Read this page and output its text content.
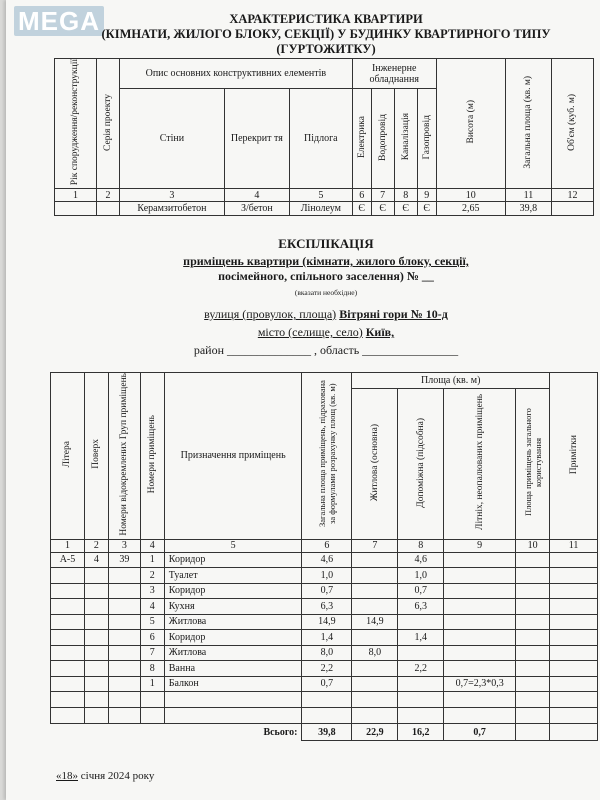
MEGA	ХАРАКТЕРИСТИКА КВАРТИРИ
(КІМНАТИ, ЖИЛОГО БЛОКУ, СЕКЦІЇ) У БУДИНКУ КВАРТИРНОГО ТИПУ
(ГУРТОЖИТКУ)
Рік спорудження/реконструкції	Серія проекту	Опис основних конструктивних елементів			Інженерне обладнання				Висота (м)	Загальна площа (кв. м)	Об'єм (куб. м)
		Стіни	Перекрит тя	Підлога	Електрика	Водопровід	Каналізація	Газопровід			
1	2	3	4	5	6	7	8	9	10	11	12
		Керамзитобетон	З/бетон	Лінолеум	Є	Є	Є	Є	2,65	39,8	
ЕКСПЛІКАЦІЯ
приміщень квартири (кімнати, жилого блоку, секції,
посімейного, спільного заселення) № __
(вказати необхідне)
вулиця (провулок, площа) Вітряні гори № 10-д
місто (селище, село) Київ,
район ______________ , область ________________
Літера	Поверх	Номери відокремлених Груп приміщень	Номери приміщень	Призначення приміщень	Загальна площа приміщень, підрахована за формулами розрахунку площ (кв. м)	Площа (кв. м)				Примітки
						Житлова (основна)	Допоміжна (підсобна)	Літніх, неопалюваних приміщень	Площа приміщень загального користування	
1	2	3	4	5	6	7	8	9	10	11
А-5	4	39	1	Коридор	4,6		4,6			
			2	Туалет	1,0		1,0			
			3	Коридор	0,7		0,7			
			4	Кухня	6,3		6,3			
			5	Житлова	14,9	14,9				
			6	Коридор	1,4		1,4			
			7	Житлова	8,0	8,0				
			8	Ванна	2,2		2,2			
			1	Балкон	0,7			0,7=2,3*0,3		

				Всього:	39,8	22,9	16,2	0,7		
«18» січня 2024 року
